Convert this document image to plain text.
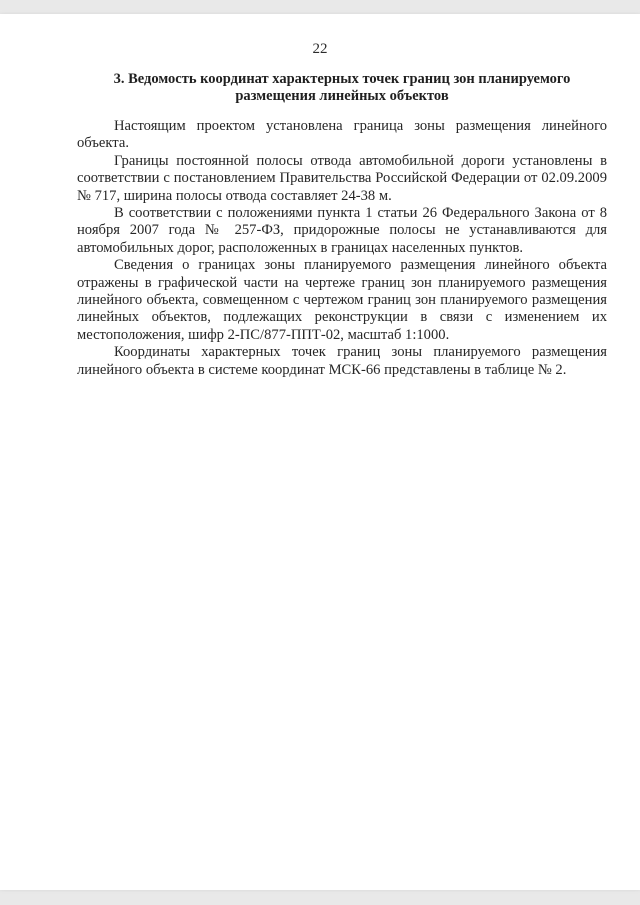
22
3. Ведомость координат характерных точек границ зон планируемого
размещения линейных объектов

Настоящим проектом установлена граница зоны размещения линейного объекта.

Границы постоянной полосы отвода автомобильной дороги установлены в соответствии с постановлением Правительства Российской Федерации от 02.09.2009 № 717, ширина полосы отвода составляет 24-38 м.

В соответствии с положениями пункта 1 статьи 26 Федерального Закона от 8 ноября 2007 года № 257-ФЗ, придорожные полосы не устанавливаются для автомобильных дорог, расположенных в границах населенных пунктов.

Сведения о границах зоны планируемого размещения линейного объекта отражены в графической части на чертеже границ зон планируемого размещения линейного объекта, совмещенном с чертежом границ зон планируемого размещения линейных объектов, подлежащих реконструкции в связи с изменением их местоположения, шифр 2-ПС/877-ППТ-02, масштаб 1:1000.

Координаты характерных точек границ зоны планируемого размещения линейного объекта в системе координат МСК-66 представлены в таблице № 2.
